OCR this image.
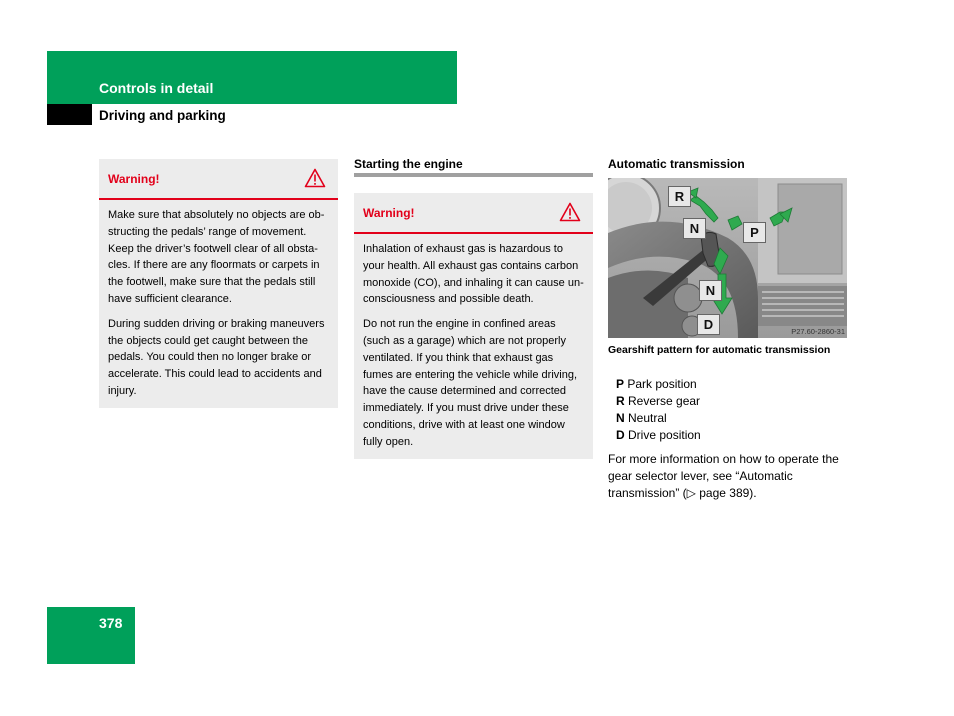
Controls in detail
Driving and parking
Warning!

Make sure that absolutely no objects are ob-structing the pedals’ range of movement. Keep the driver’s footwell clear of all obsta-cles. If there are any floormats or carpets in the footwell, make sure that the pedals still have sufficient clearance.

During sudden driving or braking maneuvers the objects could get caught between the pedals. You could then no longer brake or accelerate. This could lead to accidents and injury.

Starting the engine
Warning!

Inhalation of exhaust gas is hazardous to your health. All exhaust gas contains carbon monoxide (CO), and inhaling it can cause un-consciousness and possible death.

Do not run the engine in confined areas (such as a garage) which are not properly ventilated. If you think that exhaust gas fumes are entering the vehicle while driving, have the cause determined and corrected immediately. If you must drive under these conditions, drive with at least one window fully open.

Automatic transmission
R
N	P
N
D	P27.60-2860-31
Gearshift pattern for automatic transmission
P Park position
R Reverse gear
N Neutral
D Drive position
For more information on how to operate the gear selector lever, see “Automatic transmission” (▷ page 389).
378
